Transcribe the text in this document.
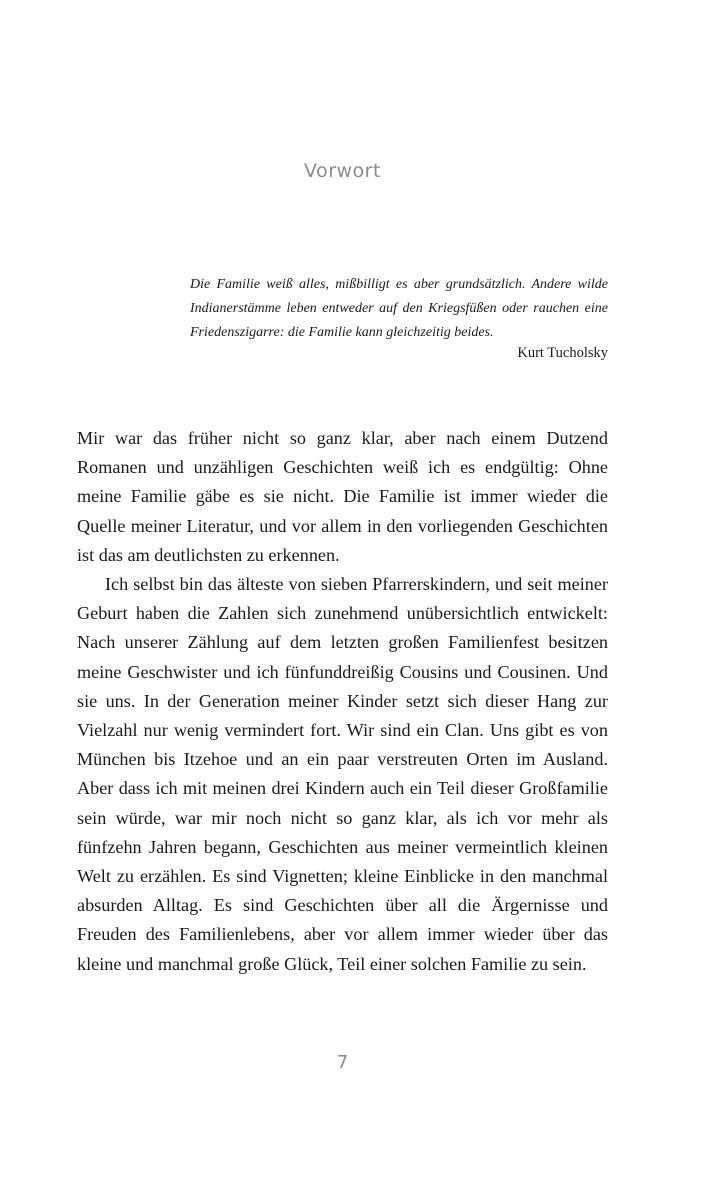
Vorwort
Die Familie weiß alles, mißbilligt es aber grundsätzlich. Andere wilde Indianerstämme leben entweder auf den Kriegsfüßen oder rauchen eine Friedenszigarre: die Familie kann gleichzeitig beides.
Kurt Tucholsky

Mir war das früher nicht so ganz klar, aber nach einem Dutzend Romanen und unzähligen Geschichten weiß ich es endgültig: Ohne meine Familie gäbe es sie nicht. Die Familie ist immer wieder die Quelle meiner Literatur, und vor allem in den vorliegenden Geschichten ist das am deutlichsten zu erkennen.

Ich selbst bin das älteste von sieben Pfarrerskindern, und seit meiner Geburt haben die Zahlen sich zunehmend unübersichtlich entwickelt: Nach unserer Zählung auf dem letzten großen Familienfest besitzen meine Geschwister und ich fünfunddreißig Cousins und Cousinen. Und sie uns. In der Generation meiner Kinder setzt sich dieser Hang zur Vielzahl nur wenig vermindert fort. Wir sind ein Clan. Uns gibt es von München bis Itzehoe und an ein paar verstreuten Orten im Ausland. Aber dass ich mit meinen drei Kindern auch ein Teil dieser Großfamilie sein würde, war mir noch nicht so ganz klar, als ich vor mehr als fünfzehn Jahren begann, Geschichten aus meiner vermeintlich kleinen Welt zu erzählen. Es sind Vignetten; kleine Einblicke in den manchmal absurden Alltag. Es sind Geschichten über all die Ärgernisse und Freuden des Familienlebens, aber vor allem immer wieder über das kleine und manchmal große Glück, Teil einer solchen Familie zu sein.

7
